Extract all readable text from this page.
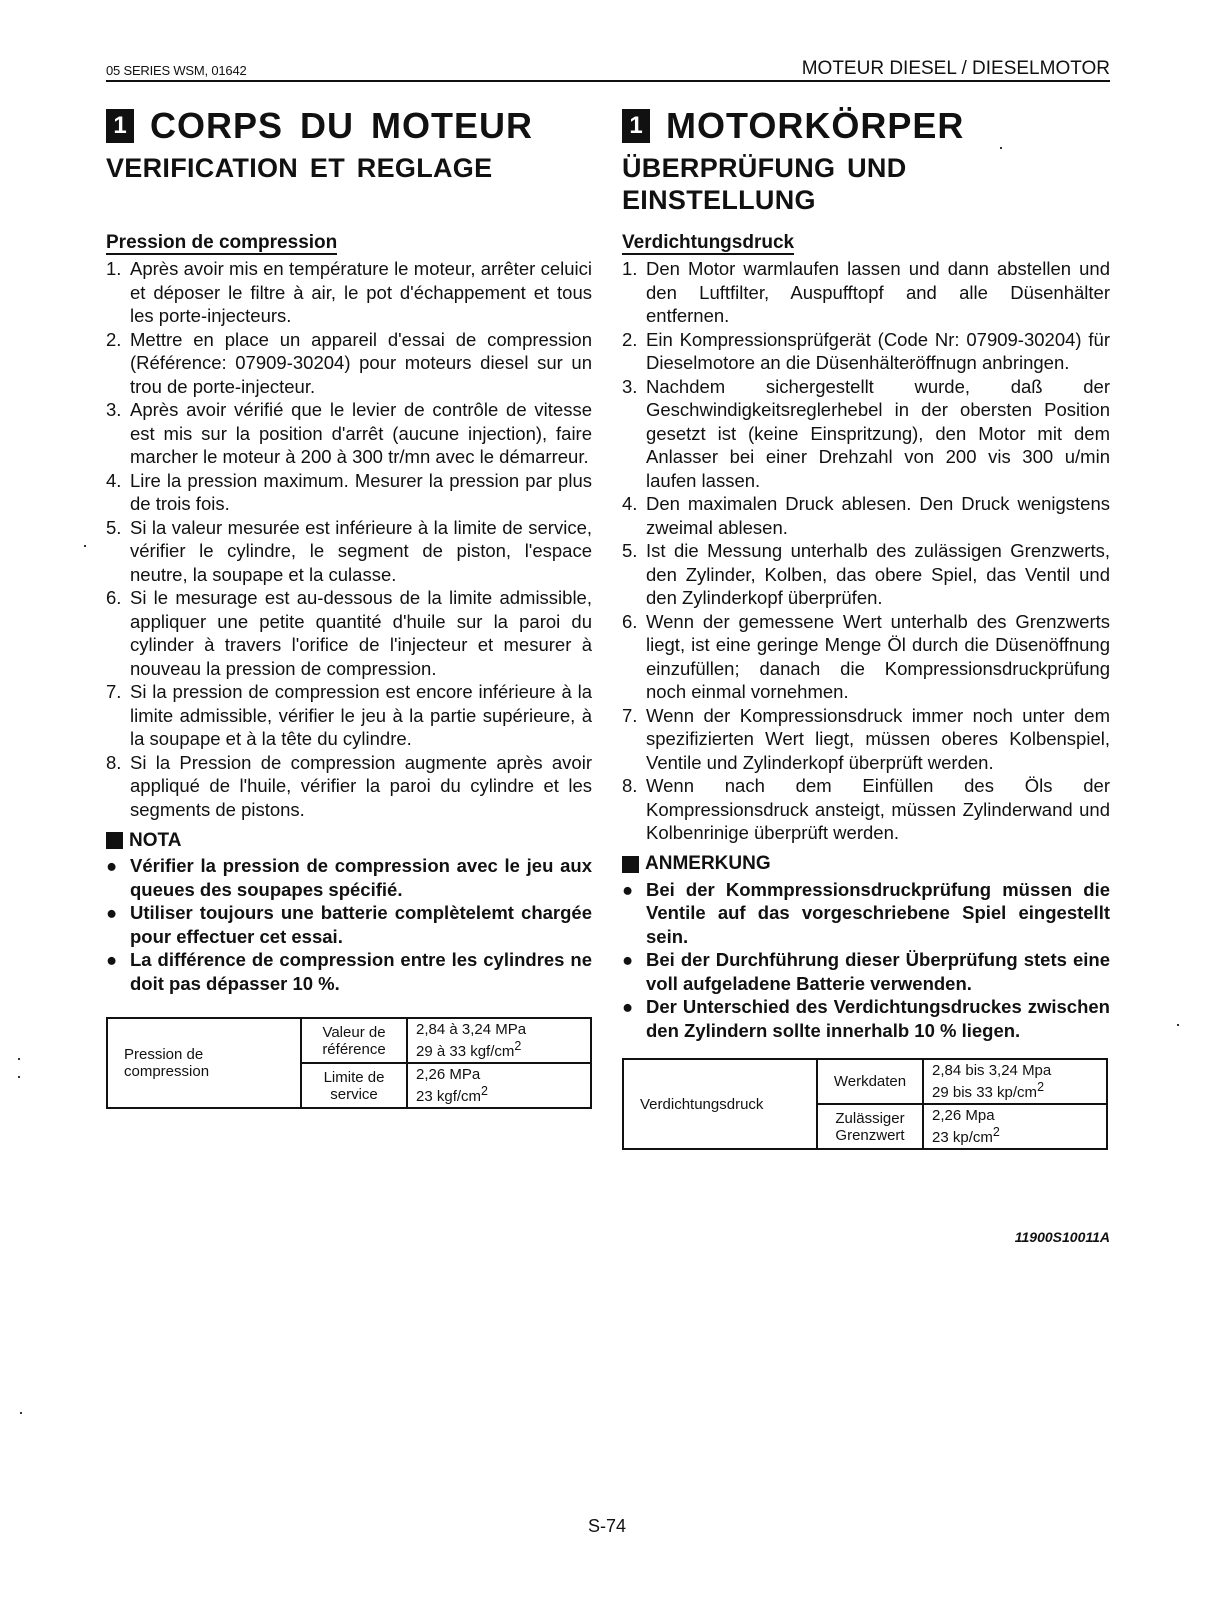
05 SERIES WSM, 01642	MOTEUR DIESEL / DIESELMOTOR
1 CORPS DU MOTEUR
VERIFICATION ET REGLAGE
Pression de compression
1. Après avoir mis en température le moteur, arrêter celuici et déposer le filtre à air, le pot d'échappement et tous les porte-injecteurs.
2. Mettre en place un appareil d'essai de compression (Référence: 07909-30204) pour moteurs diesel sur un trou de porte-injecteur.
3. Après avoir vérifié que le levier de contrôle de vitesse est mis sur la position d'arrêt (aucune injection), faire marcher le moteur à 200 à 300 tr/mn avec le démarreur.
4. Lire la pression maximum. Mesurer la pression par plus de trois fois.
5. Si la valeur mesurée est inférieure à la limite de service, vérifier le cylindre, le segment de piston, l'espace neutre, la soupape et la culasse.
6. Si le mesurage est au-dessous de la limite admissible, appliquer une petite quantité d'huile sur la paroi du cylinder à travers l'orifice de l'injecteur et mesurer à nouveau la pression de compression.
7. Si la pression de compression est encore inférieure à la limite admissible, vérifier le jeu à la partie supérieure, à la soupape et à la tête du cylindre.
8. Si la Pression de compression augmente après avoir appliqué de l'huile, vérifier la paroi du cylindre et les segments de pistons.
NOTA
● Vérifier la pression de compression avec le jeu aux queues des soupapes spécifié.
● Utiliser toujours une batterie complètelemt chargée pour effectuer cet essai.
● La différence de compression entre les cylindres ne doit pas dépasser 10 %.
Pression de compression	Valeur de référence	2,84 à 3,24 MPa
29 à 33 kgf/$cm^2$

	Limite de service	2,26 MPa
23 kgf/$cm^2$
1 MOTORKÖRPER
ÜBERPRÜFUNG UND
EINSTELLUNG
Verdichtungsdruck
1. Den Motor warmlaufen lassen und dann abstellen und den Luftfilter, Auspufftopf and alle Düsenhälter entfernen.
2. Ein Kompressionsprüfgerät (Code Nr: 07909-30204) für Dieselmotore an die Düsenhälteröffnugn anbringen.
3. Nachdem sichergestellt wurde, daß der Geschwindigkeitsreglerhebel in der obersten Position gesetzt ist (keine Einspritzung), den Motor mit dem Anlasser bei einer Drehzahl von 200 vis 300 u/min laufen lassen.
4. Den maximalen Druck ablesen. Den Druck wenigstens zweimal ablesen.
5. Ist die Messung unterhalb des zulässigen Grenzwerts, den Zylinder, Kolben, das obere Spiel, das Ventil und den Zylinderkopf überprüfen.
6. Wenn der gemessene Wert unterhalb des Grenzwerts liegt, ist eine geringe Menge Öl durch die Düsenöffnung einzufüllen; danach die Kompressionsdruckprüfung noch einmal vornehmen.
7. Wenn der Kompressionsdruck immer noch unter dem spezifizierten Wert liegt, müssen oberes Kolbenspiel, Ventile und Zylinderkopf überprüft werden.
8. Wenn nach dem Einfüllen des Öls der Kompressionsdruck ansteigt, müssen Zylinderwand und Kolbenrinige überprüft werden.
ANMERKUNG
● Bei der Kommpressionsdruckprüfung müssen die Ventile auf das vorgeschriebene Spiel eingestellt sein.
● Bei der Durchführung dieser Überprüfung stets eine voll aufgeladene Batterie verwenden.
● Der Unterschied des Verdichtungsdruckes zwischen den Zylindern sollte innerhalb 10 % liegen.
Verdichtungsdruck	Werkdaten	2,84 bis 3,24 Mpa
29 bis 33 $kp/cm^2$

	Zulässiger Grenzwert	2,26 Mpa
23 $kp/cm^2$
11900S10011A
S-74
